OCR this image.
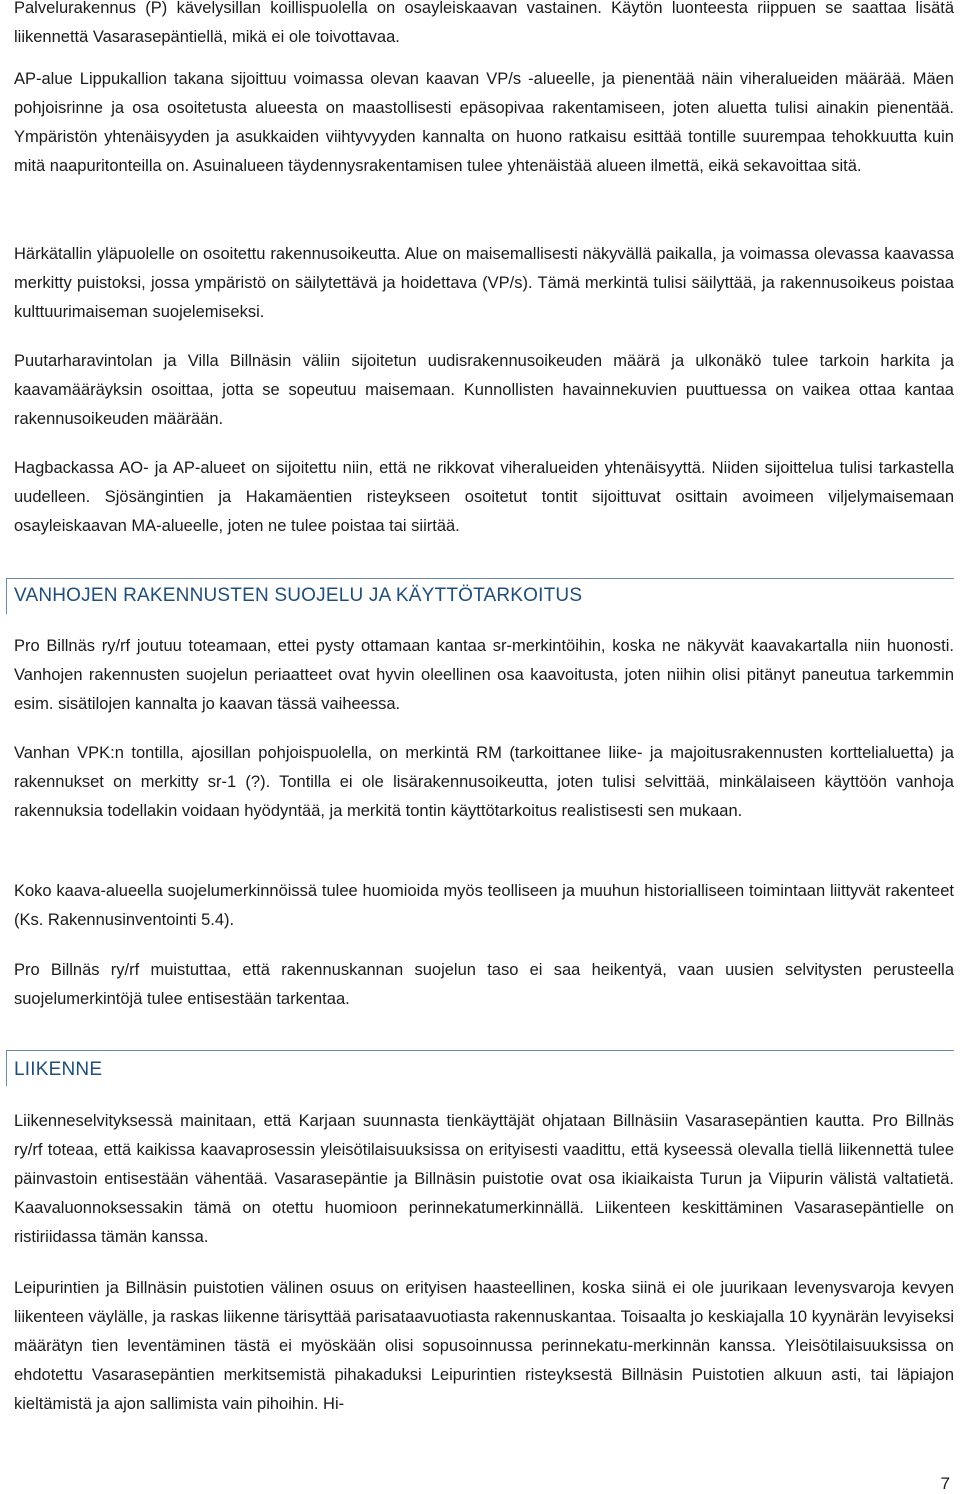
Palvelurakennus (P) kävelysillan koillispuolella on osayleiskaavan vastainen. Käytön luonteesta riippuen se saattaa lisätä liikennettä Vasarasepäntiellä, mikä ei ole toivottavaa.

AP-alue Lippukallion takana sijoittuu voimassa olevan kaavan VP/s -alueelle, ja pienentää näin viheralueiden määrää. Mäen pohjoisrinne ja osa osoitetusta alueesta on maastollisesti epäsopivaa rakentamiseen, joten aluetta tulisi ainakin pienentää. Ympäristön yhtenäisyyden ja asukkaiden viihtyvyyden kannalta on huono ratkaisu esittää tontille suurempaa tehokkuutta kuin mitä naapuritonteilla on. Asuinalueen täydennysrakentamisen tulee yhtenäistää alueen ilmettä, eikä sekavoittaa sitä.

Härkätallin yläpuolelle on osoitettu rakennusoikeutta. Alue on maisemallisesti näkyvällä paikalla, ja voimassa olevassa kaavassa merkitty puistoksi, jossa ympäristö on säilytettävä ja hoidettava (VP/s). Tämä merkintä tulisi säilyttää, ja rakennusoikeus poistaa kulttuurimaiseman suojelemiseksi.

Puutarharavintolan ja Villa Billnäsin väliin sijoitetun uudisrakennusoikeuden määrä ja ulkonäkö tulee tarkoin harkita ja kaavamääräyksin osoittaa, jotta se sopeutuu maisemaan. Kunnollisten havainnekuvien puuttuessa on vaikea ottaa kantaa rakennusoikeuden määrään.

Hagbackassa AO- ja AP-alueet on sijoitettu niin, että ne rikkovat viheralueiden yhtenäisyyttä. Niiden sijoittelua tulisi tarkastella uudelleen. Sjösängintien ja Hakamäentien risteykseen osoitetut tontit sijoittuvat osittain avoimeen viljelymaisemaan osayleiskaavan MA-alueelle, joten ne tulee poistaa tai siirtää.

VANHOJEN RAKENNUSTEN SUOJELU JA KÄYTTÖTARKOITUS

Pro Billnäs ry/rf joutuu toteamaan, ettei pysty ottamaan kantaa sr-merkintöihin, koska ne näkyvät kaavakartalla niin huonosti. Vanhojen rakennusten suojelun periaatteet ovat hyvin oleellinen osa kaavoitusta, joten niihin olisi pitänyt paneutua tarkemmin esim. sisätilojen kannalta jo kaavan tässä vaiheessa.

Vanhan VPK:n tontilla, ajosillan pohjoispuolella, on merkintä RM (tarkoittanee liike- ja majoitusrakennusten korttelialuetta) ja rakennukset on merkitty sr-1 (?). Tontilla ei ole lisärakennusoikeutta, joten tulisi selvittää, minkälaiseen käyttöön vanhoja rakennuksia todellakin voidaan hyödyntää, ja merkitä tontin käyttötarkoitus realistisesti sen mukaan.

Koko kaava-alueella suojelumerkinnöissä tulee huomioida myös teolliseen ja muuhun historialliseen toimintaan liittyvät rakenteet (Ks. Rakennusinventointi 5.4).

Pro Billnäs ry/rf muistuttaa, että rakennuskannan suojelun taso ei saa heikentyä, vaan uusien selvitysten perusteella suojelumerkintöjä tulee entisestään tarkentaa.

LIIKENNE

Liikenneselvityksessä mainitaan, että Karjaan suunnasta tienkäyttäjät ohjataan Billnäsiin Vasarasepäntien kautta. Pro Billnäs ry/rf toteaa, että kaikissa kaavaprosessin yleisötilaisuuksissa on erityisesti vaadittu, että kyseessä olevalla tiellä liikennettä tulee päinvastoin entisestään vähentää. Vasarasepäntie ja Billnäsin puistotie ovat osa ikiaikaista Turun ja Viipurin välistä valtatietä. Kaavaluonnoksessakin tämä on otettu huomioon perinnekatumerkinnällä. Liikenteen keskittäminen Vasarasepäntielle on ristiriidassa tämän kanssa.

Leipurintien ja Billnäsin puistotien välinen osuus on erityisen haasteellinen, koska siinä ei ole juurikaan levenysvaroja kevyen liikenteen väylälle, ja raskas liikenne tärisyttää parisataavuotiasta rakennuskantaa. Toisaalta jo keskiajalla 10 kyynärän levyiseksi määrätyn tien leventäminen tästä ei myöskään olisi sopusoinnussa perinnekatu-merkinnän kanssa. Yleisötilaisuuksissa on ehdotettu Vasarasepäntien merkitsemistä pihakaduksi Leipurintien risteyksestä Billnäsin Puistotien alkuun asti, tai läpiajon kieltämistä ja ajon sallimista vain pihoihin. Hi-

7
